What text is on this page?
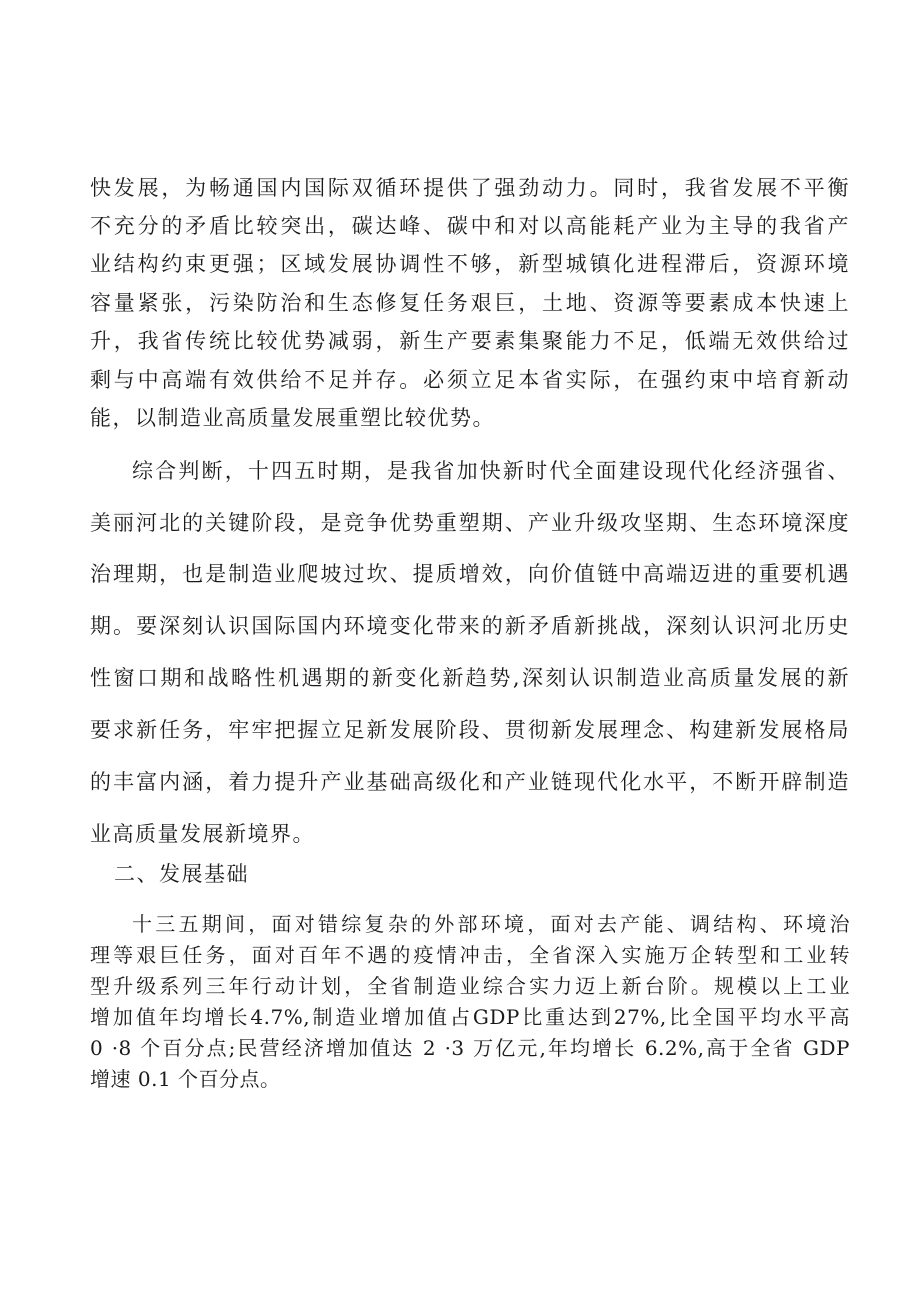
快发展，为畅通国内国际双循环提供了强劲动力。同时，我省发展不平衡
不充分的矛盾比较突出，碳达峰、碳中和对以高能耗产业为主导的我省产
业结构约束更强；区域发展协调性不够，新型城镇化进程滞后，资源环境
容量紧张，污染防治和生态修复任务艰巨，土地、资源等要素成本快速上
升，我省传统比较优势减弱，新生产要素集聚能力不足，低端无效供给过
剩与中高端有效供给不足并存。必须立足本省实际，在强约束中培育新动
能，以制造业高质量发展重塑比较优势。
综合判断，十四五时期，是我省加快新时代全面建设现代化经济强省、
美丽河北的关键阶段，是竞争优势重塑期、产业升级攻坚期、生态环境深度
治理期，也是制造业爬坡过坎、提质增效，向价值链中高端迈进的重要机遇
期。要深刻认识国际国内环境变化带来的新矛盾新挑战，深刻认识河北历史
性窗口期和战略性机遇期的新变化新趋势,深刻认识制造业高质量发展的新
要求新任务，牢牢把握立足新发展阶段、贯彻新发展理念、构建新发展格局
的丰富内涵，着力提升产业基础高级化和产业链现代化水平，不断开辟制造
业高质量发展新境界。
二、发展基础
十三五期间，面对错综复杂的外部环境，面对去产能、调结构、环境治
理等艰巨任务，面对百年不遇的疫情冲击，全省深入实施万企转型和工业转
型升级系列三年行动计划，全省制造业综合实力迈上新台阶。规模以上工业
增加值年均增长4.7%,制造业增加值占GDP比重达到27%,比全国平均水平高
0 ·8 个百分点;民营经济增加值达 2 ·3 万亿元,年均增长 6.2%,高于全省 GDP
增速 0.1 个百分点。
